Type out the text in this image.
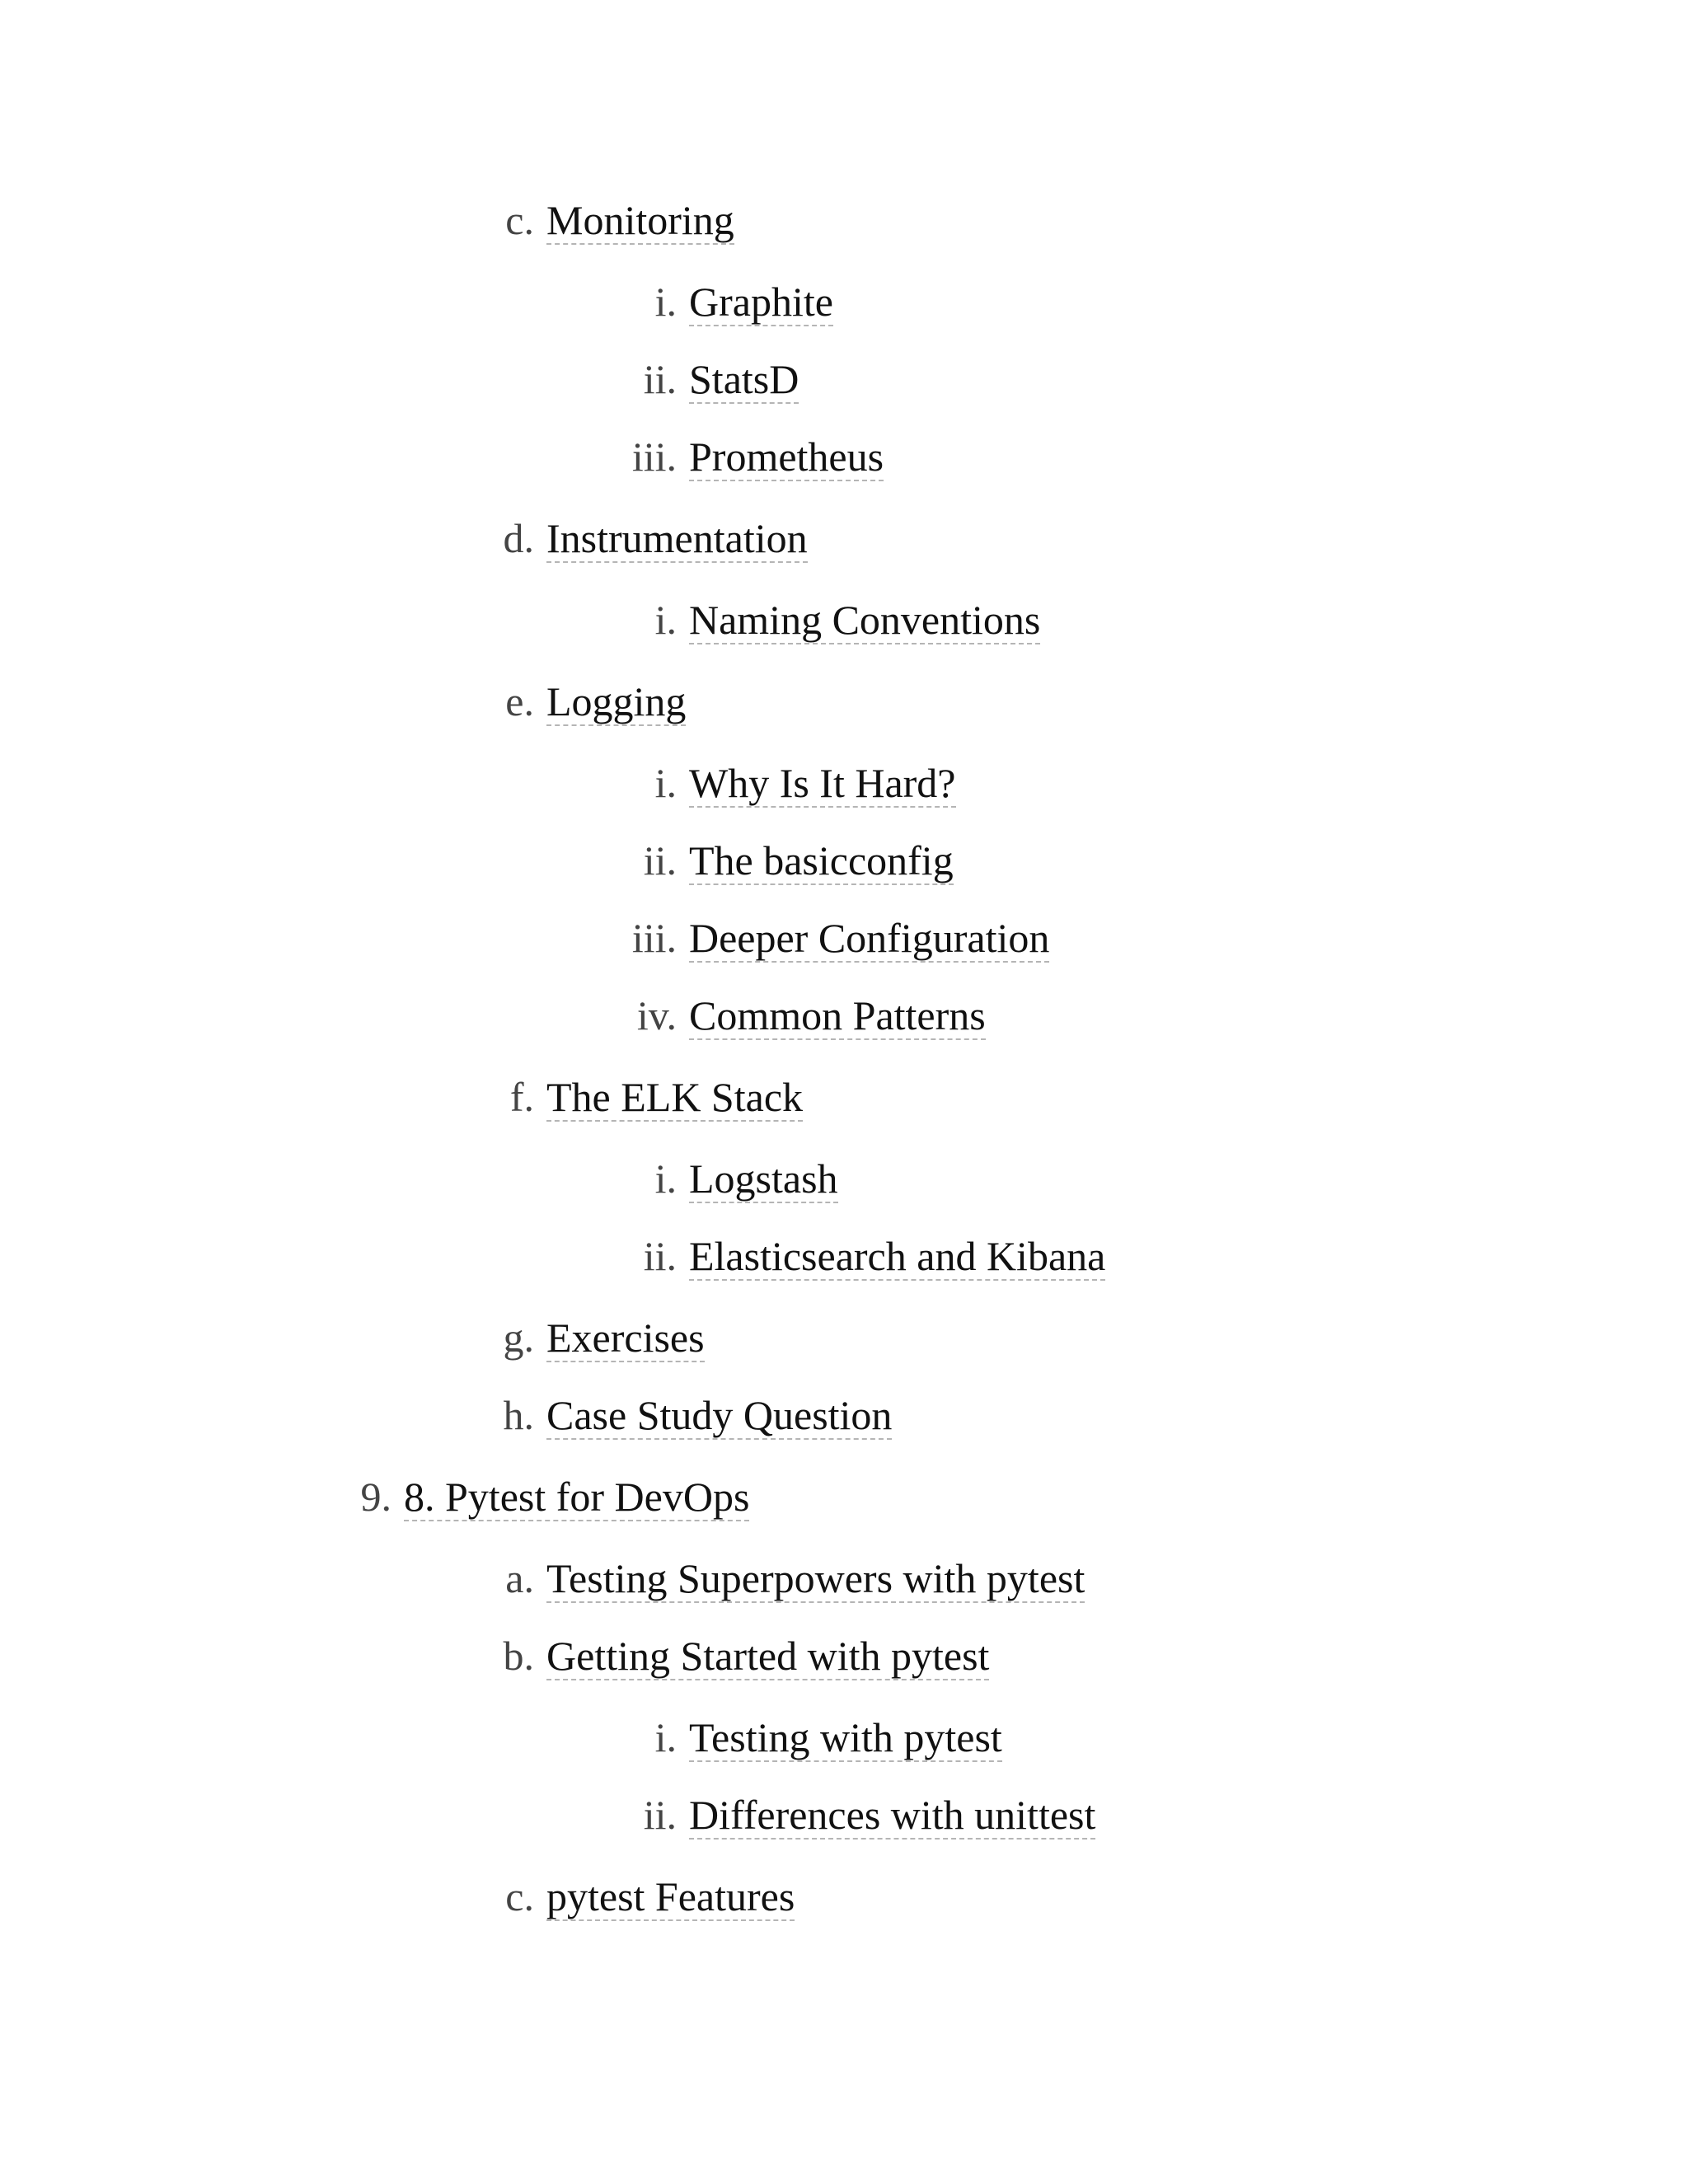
c. Monitoring
i. Graphite
ii. StatsD
iii. Prometheus
d. Instrumentation
i. Naming Conventions
e. Logging
i. Why Is It Hard?
ii. The basicconfig
iii. Deeper Configuration
iv. Common Patterns
f. The ELK Stack
i. Logstash
ii. Elasticsearch and Kibana
g. Exercises
h. Case Study Question
9. 8. Pytest for DevOps
a. Testing Superpowers with pytest
b. Getting Started with pytest
i. Testing with pytest
ii. Differences with unittest
c. pytest Features
